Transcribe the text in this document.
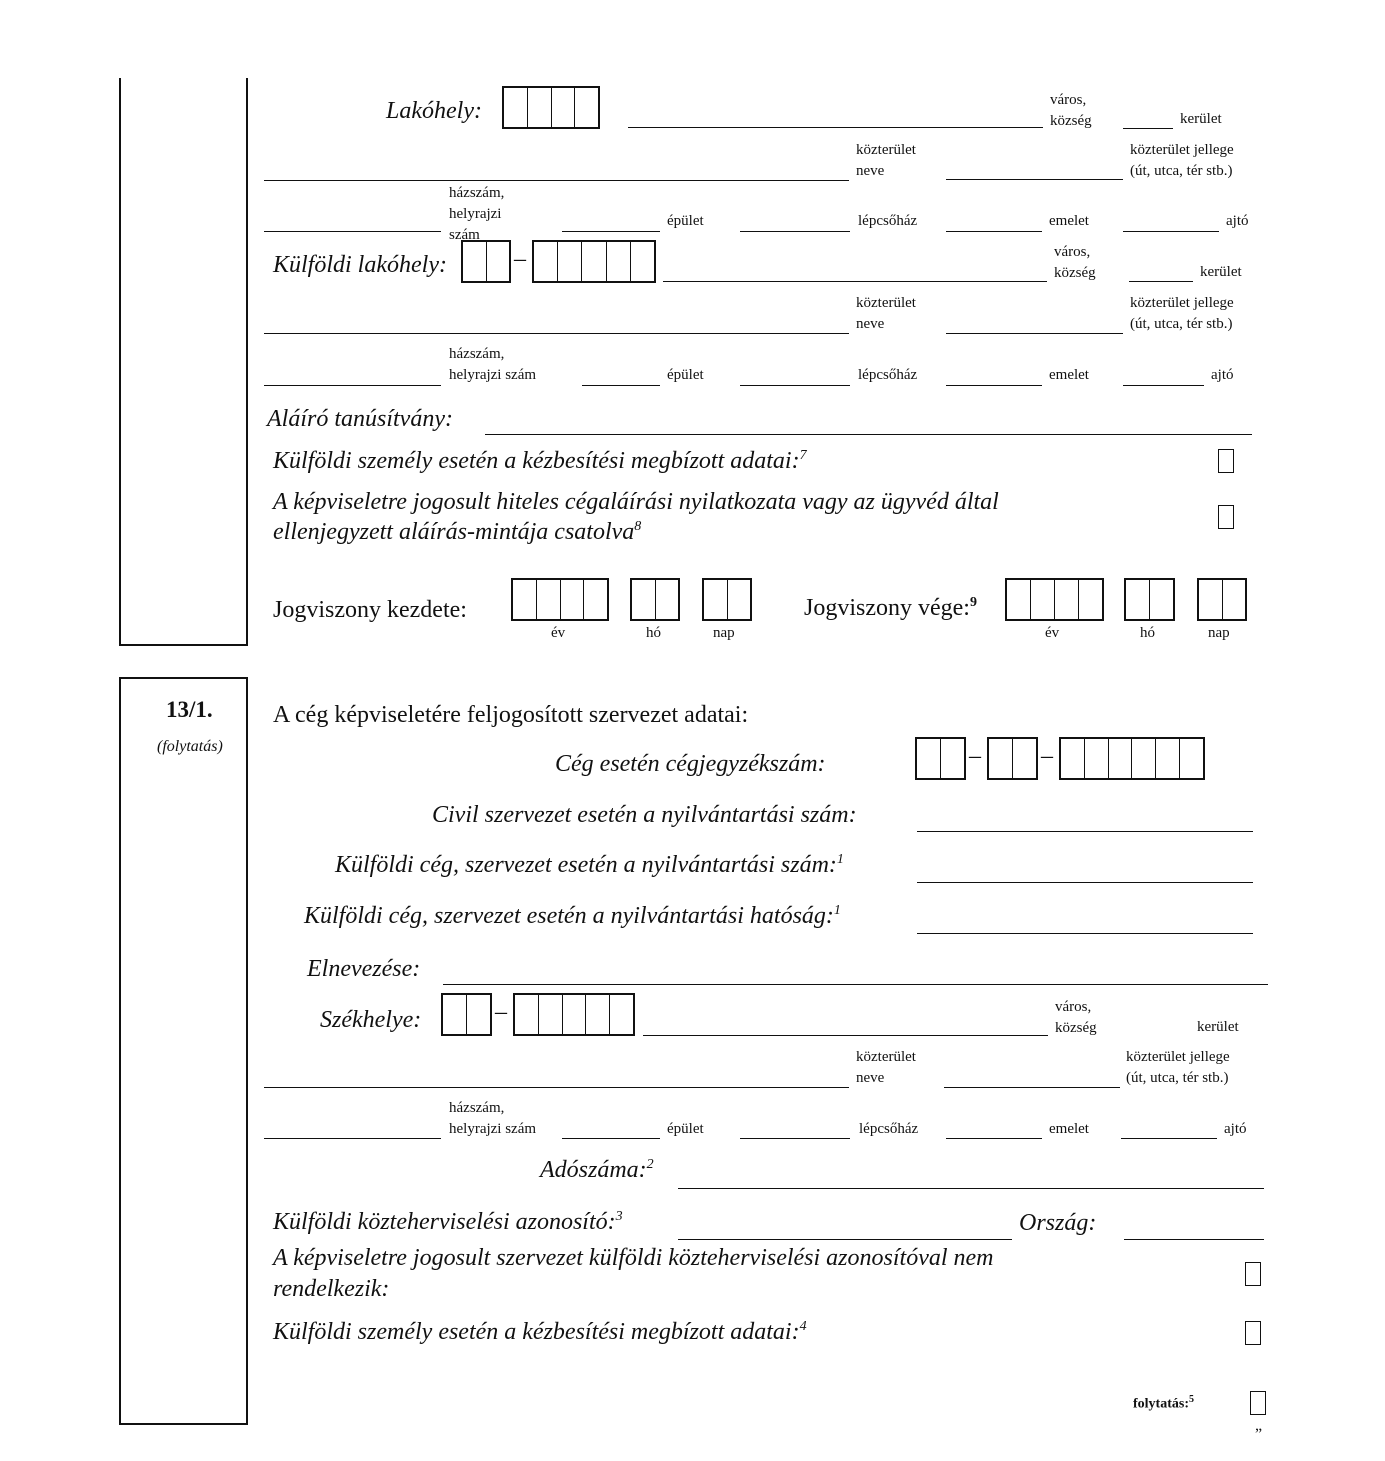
Lakóhely:	város,
község	kerület
közterület
neve
közterület jellege
(út, utca, tér stb.)
házszám,
helyrajzi
szám
épület	lépcsőház	emelet	ajtó
Külföldi lakóhely:	–	város,
község	kerület
közterület
neve
közterület jellege
(út, utca, tér stb.)
házszám,
helyrajzi szám	épület	lépcsőház	emelet	ajtó
Aláíró tanúsítvány:
Külföldi személy esetén a kézbesítési megbízott adatai:$^7$
A képviseletre jogosult hiteles cégaláírási nyilatkozata vagy az ügyvéd által
ellenjegyzett aláírás-mintája csatolva$^8$
Jogviszony kezdete:
év	hó	nap
Jogviszony vége:$^9$
év	hó	nap
13/1.
(folytatás)
A cég képviseletére feljogosított szervezet adatai:
Cég esetén cégjegyzékszám:	–	–
Civil szervezet esetén a nyilvántartási szám:
Külföldi cég, szervezet esetén a nyilvántartási szám:$^1$
Külföldi cég, szervezet esetén a nyilvántartási hatóság:$^1$
Elnevezése:
Székhelye:	–	város,
község	kerület
közterület
neve
közterület jellege
(út, utca, tér stb.)
házszám,
helyrajzi szám	épület	lépcsőház	emelet	ajtó
Adószáma:$^2$
Külföldi közteherviselési azonosító:$^3$	Ország:
A képviseletre jogosult szervezet külföldi közteherviselési azonosítóval nem
rendelkezik:
Külföldi személy esetén a kézbesítési megbízott adatai:$^4$
folytatás:$^5$
”
